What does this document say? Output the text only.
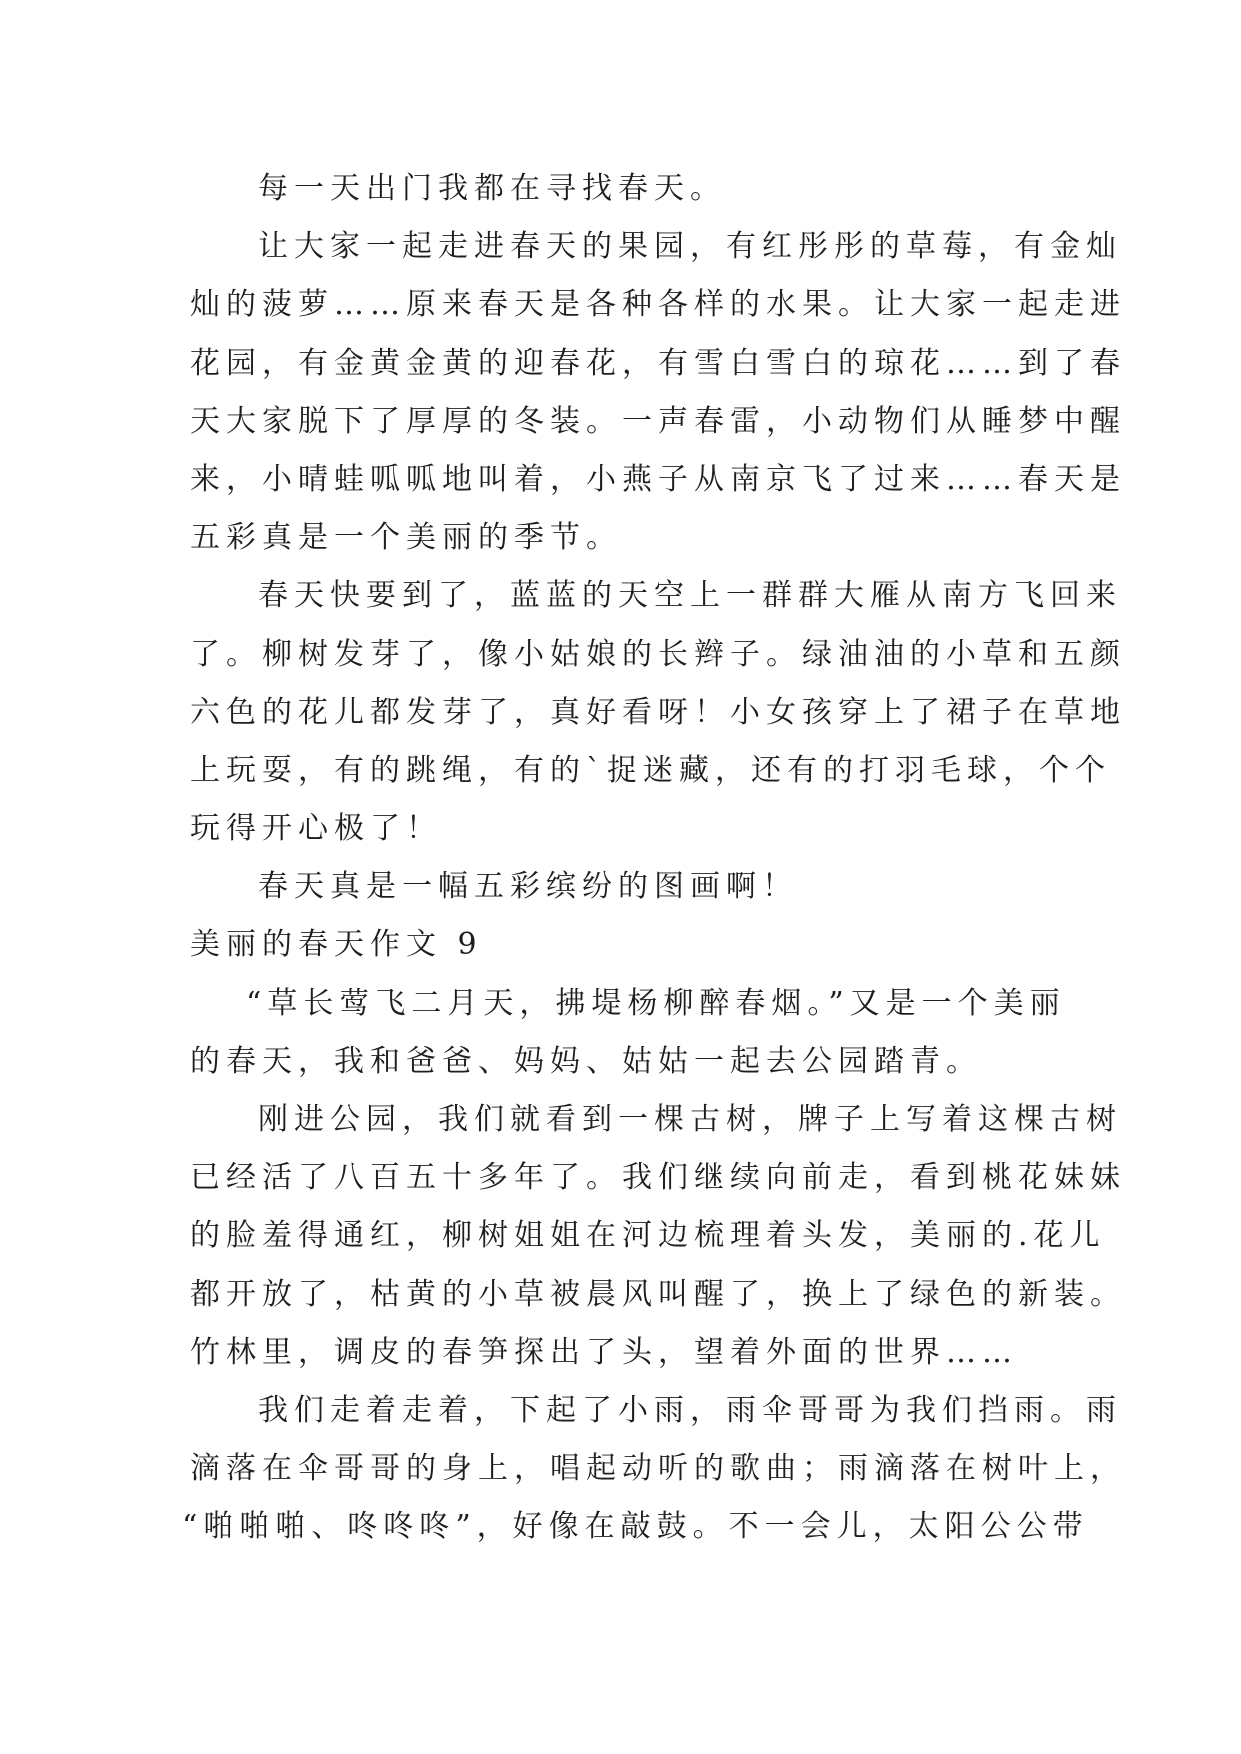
每一天出门我都在寻找春天。
让大家一起走进春天的果园，有红彤彤的草莓，有金灿
灿的菠萝……原来春天是各种各样的水果。让大家一起走进
花园，有金黄金黄的迎春花，有雪白雪白的琼花……到了春
天大家脱下了厚厚的冬装。一声春雷，小动物们从睡梦中醒
来，小晴蛙呱呱地叫着，小燕子从南京飞了过来……春天是
五彩真是一个美丽的季节。
春天快要到了，蓝蓝的天空上一群群大雁从南方飞回来
了。柳树发芽了，像小姑娘的长辫子。绿油油的小草和五颜
六色的花儿都发芽了，真好看呀！小女孩穿上了裙子在草地
上玩耍，有的跳绳，有的`捉迷藏，还有的打羽毛球，个个
玩得开心极了！
春天真是一幅五彩缤纷的图画啊！
美丽的春天作文 9
“草长莺飞二月天，拂堤杨柳醉春烟。”又是一个美丽
的春天，我和爸爸、妈妈、姑姑一起去公园踏青。
刚进公园，我们就看到一棵古树，牌子上写着这棵古树
已经活了八百五十多年了。我们继续向前走，看到桃花妹妹
的脸羞得通红，柳树姐姐在河边梳理着头发，美丽的.花儿
都开放了，枯黄的小草被晨风叫醒了，换上了绿色的新装。
竹林里，调皮的春笋探出了头，望着外面的世界……
我们走着走着，下起了小雨，雨伞哥哥为我们挡雨。雨
滴落在伞哥哥的身上，唱起动听的歌曲；雨滴落在树叶上，
“啪啪啪、咚咚咚”，好像在敲鼓。不一会儿，太阳公公带
